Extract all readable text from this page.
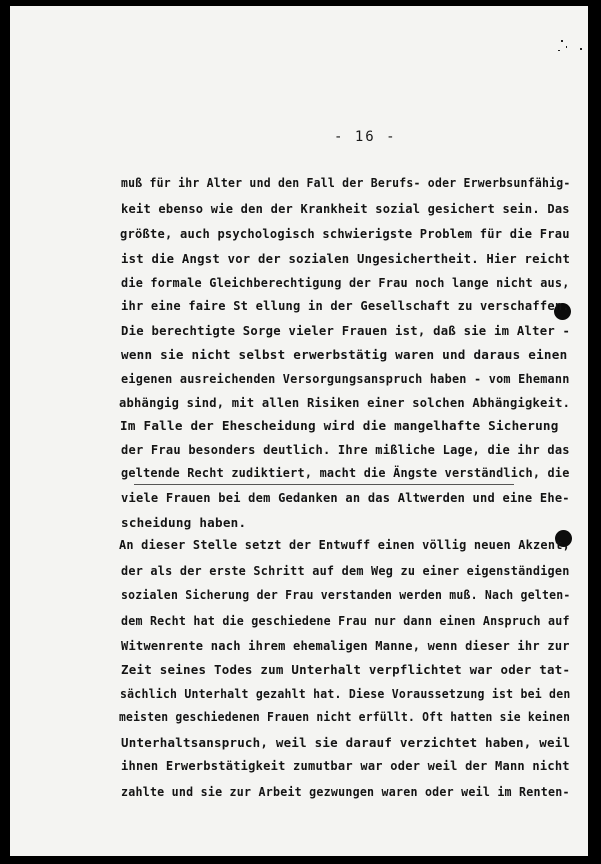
- 16 -
muß für ihr Alter und den Fall der Berufs- oder Erwerbsunfähig-
keit ebenso wie den der Krankheit sozial gesichert sein. Das
größte, auch psychologisch schwierigste Problem für die Frau
ist die Angst vor der sozialen Ungesichertheit. Hier reicht
die formale Gleichberechtigung der Frau noch lange nicht aus,
ihr eine faire St ellung in der Gesellschaft zu verschaffen.
Die berechtigte Sorge vieler Frauen ist, daß sie im Alter -
wenn sie nicht selbst erwerbstätig waren und daraus einen
eigenen ausreichenden Versorgungsanspruch haben - vom Ehemann
abhängig sind, mit allen Risiken einer solchen Abhängigkeit.
Im Falle der Ehescheidung wird die mangelhafte Sicherung
der Frau besonders deutlich. Ihre mißliche Lage, die ihr das
geltende Recht zudiktiert, macht die Ängste verständlich, die
viele Frauen bei dem Gedanken an das Altwerden und eine Ehe-
scheidung haben.
An dieser Stelle setzt der Entwuff einen völlig neuen Akzent,
der als der erste Schritt auf dem Weg zu einer eigenständigen
sozialen Sicherung der Frau verstanden werden muß. Nach gelten-
dem Recht hat die geschiedene Frau nur dann einen Anspruch auf
Witwenrente nach ihrem ehemaligen Manne, wenn dieser ihr zur
Zeit seines Todes zum Unterhalt verpflichtet war oder tat-
sächlich Unterhalt gezahlt hat. Diese Voraussetzung ist bei den
meisten geschiedenen Frauen nicht erfüllt. Oft hatten sie keinen
Unterhaltsanspruch, weil sie darauf verzichtet haben, weil
ihnen Erwerbstätigkeit zumutbar war oder weil der Mann nicht
zahlte und sie zur Arbeit gezwungen waren oder weil im Renten-
